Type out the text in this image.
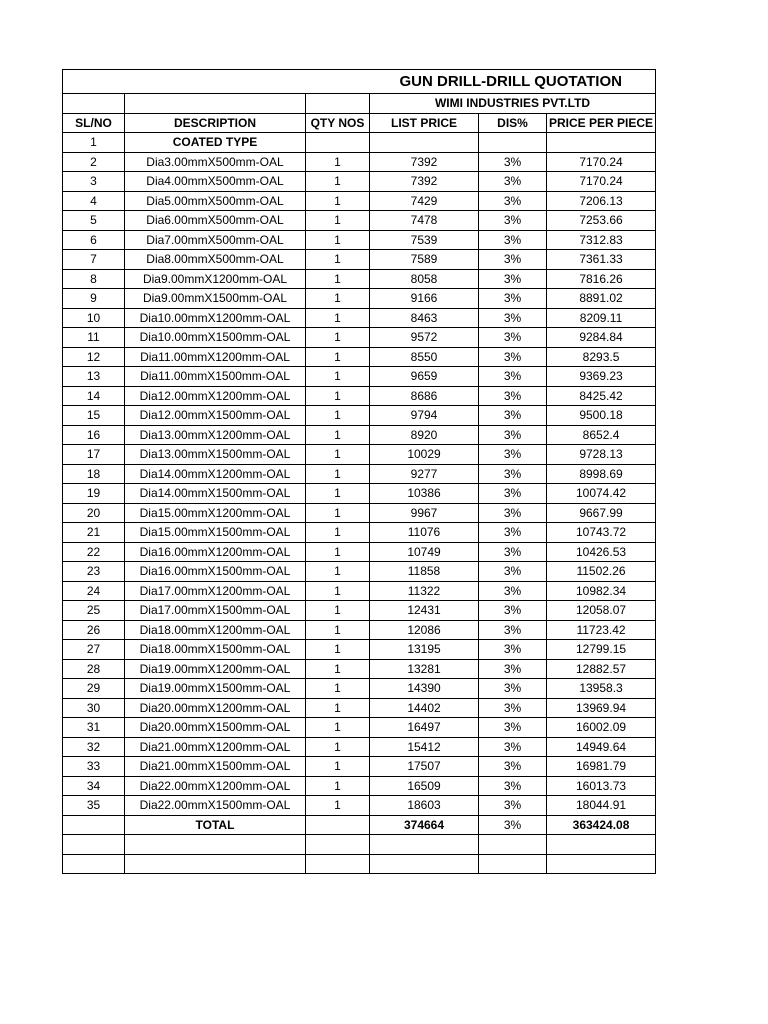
			GUN DRILL-DRILL QUOTATION		
			WIMI INDUSTRIES PVT.LTD		
SL/NO	DESCRIPTION	QTY NOS	LIST PRICE	DIS%	PRICE PER PIECE
1	COATED TYPE				
2	Dia3.00mmX500mm-OAL	1	7392	3%	7170.24
3	Dia4.00mmX500mm-OAL	1	7392	3%	7170.24
4	Dia5.00mmX500mm-OAL	1	7429	3%	7206.13
5	Dia6.00mmX500mm-OAL	1	7478	3%	7253.66
6	Dia7.00mmX500mm-OAL	1	7539	3%	7312.83
7	Dia8.00mmX500mm-OAL	1	7589	3%	7361.33
8	Dia9.00mmX1200mm-OAL	1	8058	3%	7816.26
9	Dia9.00mmX1500mm-OAL	1	9166	3%	8891.02
10	Dia10.00mmX1200mm-OAL	1	8463	3%	8209.11
11	Dia10.00mmX1500mm-OAL	1	9572	3%	9284.84
12	Dia11.00mmX1200mm-OAL	1	8550	3%	8293.5
13	Dia11.00mmX1500mm-OAL	1	9659	3%	9369.23
14	Dia12.00mmX1200mm-OAL	1	8686	3%	8425.42
15	Dia12.00mmX1500mm-OAL	1	9794	3%	9500.18
16	Dia13.00mmX1200mm-OAL	1	8920	3%	8652.4
17	Dia13.00mmX1500mm-OAL	1	10029	3%	9728.13
18	Dia14.00mmX1200mm-OAL	1	9277	3%	8998.69
19	Dia14.00mmX1500mm-OAL	1	10386	3%	10074.42
20	Dia15.00mmX1200mm-OAL	1	9967	3%	9667.99
21	Dia15.00mmX1500mm-OAL	1	11076	3%	10743.72
22	Dia16.00mmX1200mm-OAL	1	10749	3%	10426.53
23	Dia16.00mmX1500mm-OAL	1	11858	3%	11502.26
24	Dia17.00mmX1200mm-OAL	1	11322	3%	10982.34
25	Dia17.00mmX1500mm-OAL	1	12431	3%	12058.07
26	Dia18.00mmX1200mm-OAL	1	12086	3%	11723.42
27	Dia18.00mmX1500mm-OAL	1	13195	3%	12799.15
28	Dia19.00mmX1200mm-OAL	1	13281	3%	12882.57
29	Dia19.00mmX1500mm-OAL	1	14390	3%	13958.3
30	Dia20.00mmX1200mm-OAL	1	14402	3%	13969.94
31	Dia20.00mmX1500mm-OAL	1	16497	3%	16002.09
32	Dia21.00mmX1200mm-OAL	1	15412	3%	14949.64
33	Dia21.00mmX1500mm-OAL	1	17507	3%	16981.79
34	Dia22.00mmX1200mm-OAL	1	16509	3%	16013.73
35	Dia22.00mmX1500mm-OAL	1	18603	3%	18044.91
	TOTAL		374664	3%	363424.08
